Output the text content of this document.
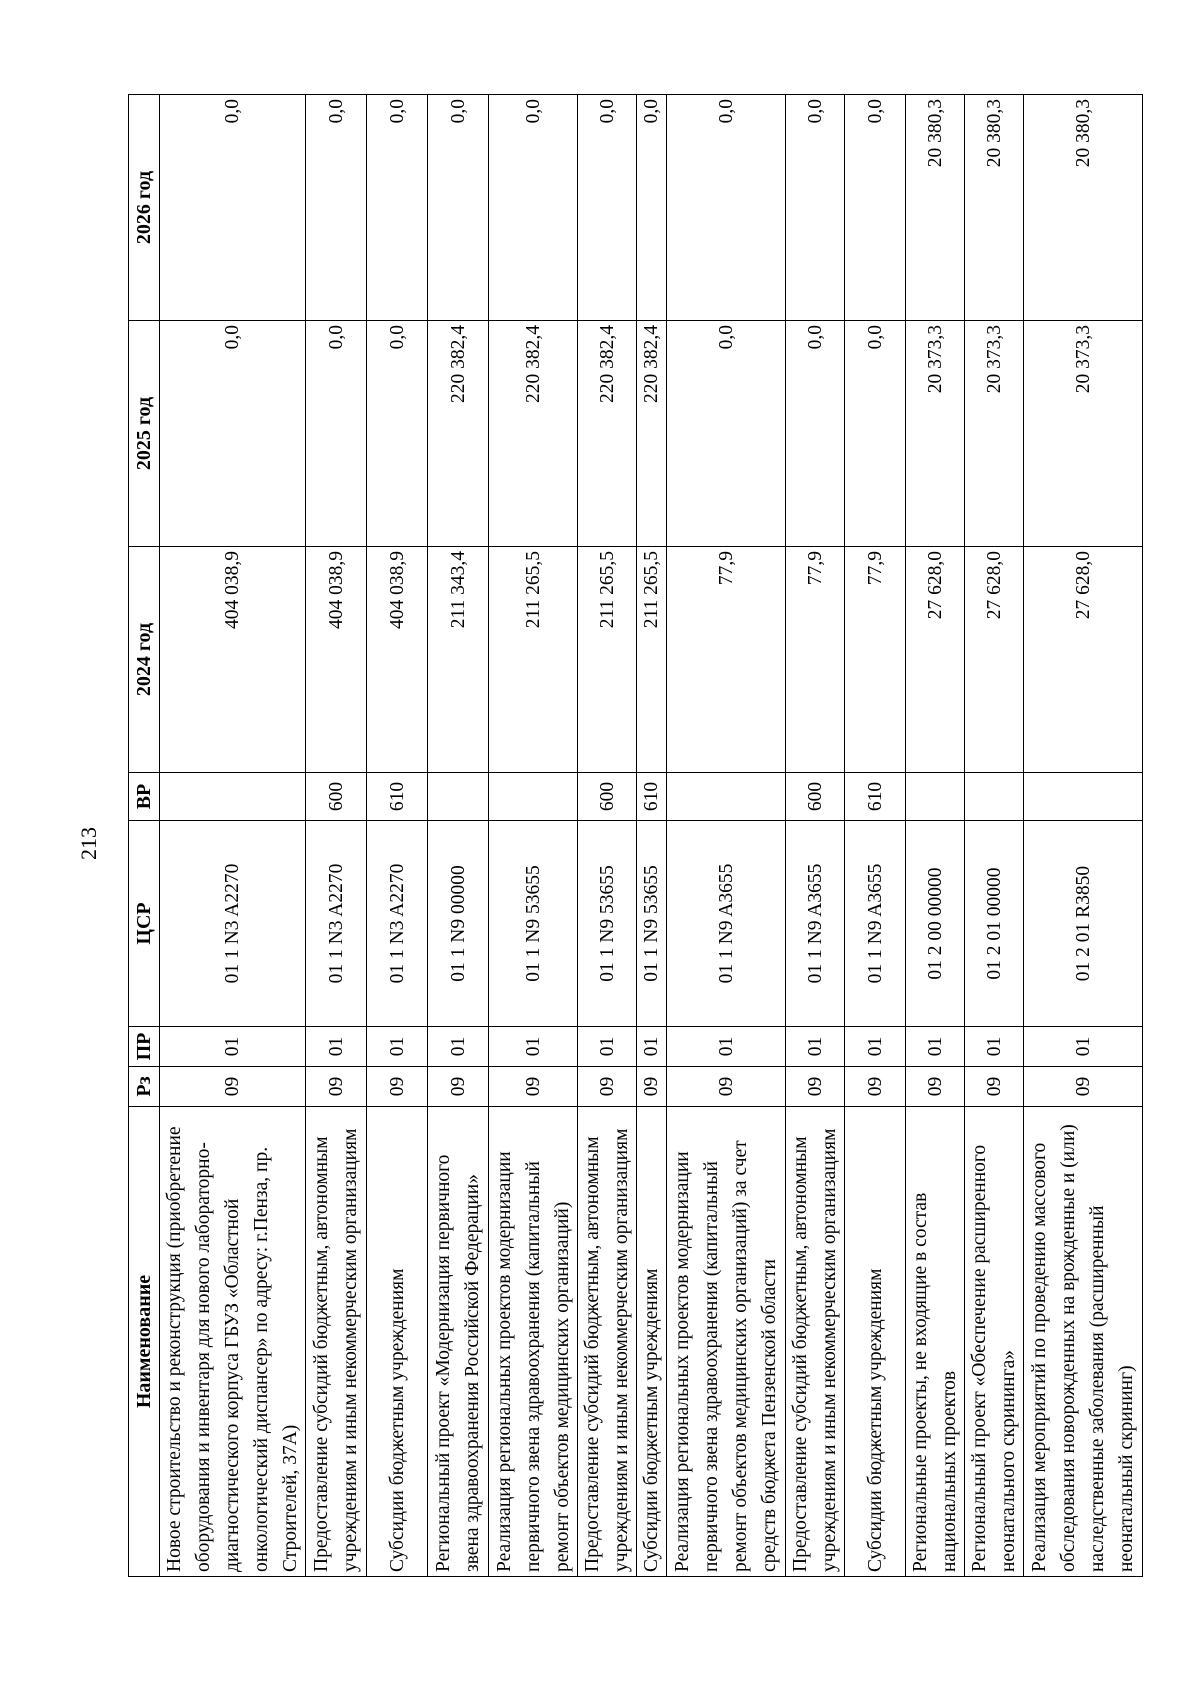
213
Наименование	Рз	ПР	ЦСР	ВР	2024 год	2025 год	2026 год
Новое строительство и реконструкция (приобретение оборудования и инвентаря для нового лабораторно-диагностического корпуса ГБУЗ «Областной онкологический диспансер» по адресу: г.Пенза, пр. Строителей, 37А)	09	01	01 1 N3 A2270		404 038,9	0,0	0,0
Предоставление субсидий бюджетным, автономным учреждениям и иным некоммерческим организациям	09	01	01 1 N3 A2270	600	404 038,9	0,0	0,0
Субсидии бюджетным учреждениям	09	01	01 1 N3 A2270	610	404 038,9	0,0	0,0
Региональный проект «Модернизация первичного звена здравоохранения Российской Федерации»	09	01	01 1 N9 00000		211 343,4	220 382,4	0,0
Реализация региональных проектов модернизации первичного звена здравоохранения (капитальный ремонт объектов медицинских организаций)	09	01	01 1 N9 53655		211 265,5	220 382,4	0,0
Предоставление субсидий бюджетным, автономным учреждениям и иным некоммерческим организациям	09	01	01 1 N9 53655	600	211 265,5	220 382,4	0,0
Субсидии бюджетным учреждениям	09	01	01 1 N9 53655	610	211 265,5	220 382,4	0,0
Реализация региональных проектов модернизации первичного звена здравоохранения (капитальный ремонт объектов медицинских организаций) за счет средств бюджета Пензенской области	09	01	01 1 N9 A3655		77,9	0,0	0,0
Предоставление субсидий бюджетным, автономным учреждениям и иным некоммерческим организациям	09	01	01 1 N9 A3655	600	77,9	0,0	0,0
Субсидии бюджетным учреждениям	09	01	01 1 N9 A3655	610	77,9	0,0	0,0
Региональные проекты, не входящие в состав национальных проектов	09	01	01 2 00 00000		27 628,0	20 373,3	20 380,3
Региональный проект «Обеспечение расширенного неонатального скрининга»	09	01	01 2 01 00000		27 628,0	20 373,3	20 380,3
Реализация мероприятий по проведению массового обследования новорожденных на врожденные и (или) наследственные заболевания (расширенный неонатальный скрининг)	09	01	01 2 01 R3850		27 628,0	20 373,3	20 380,3
